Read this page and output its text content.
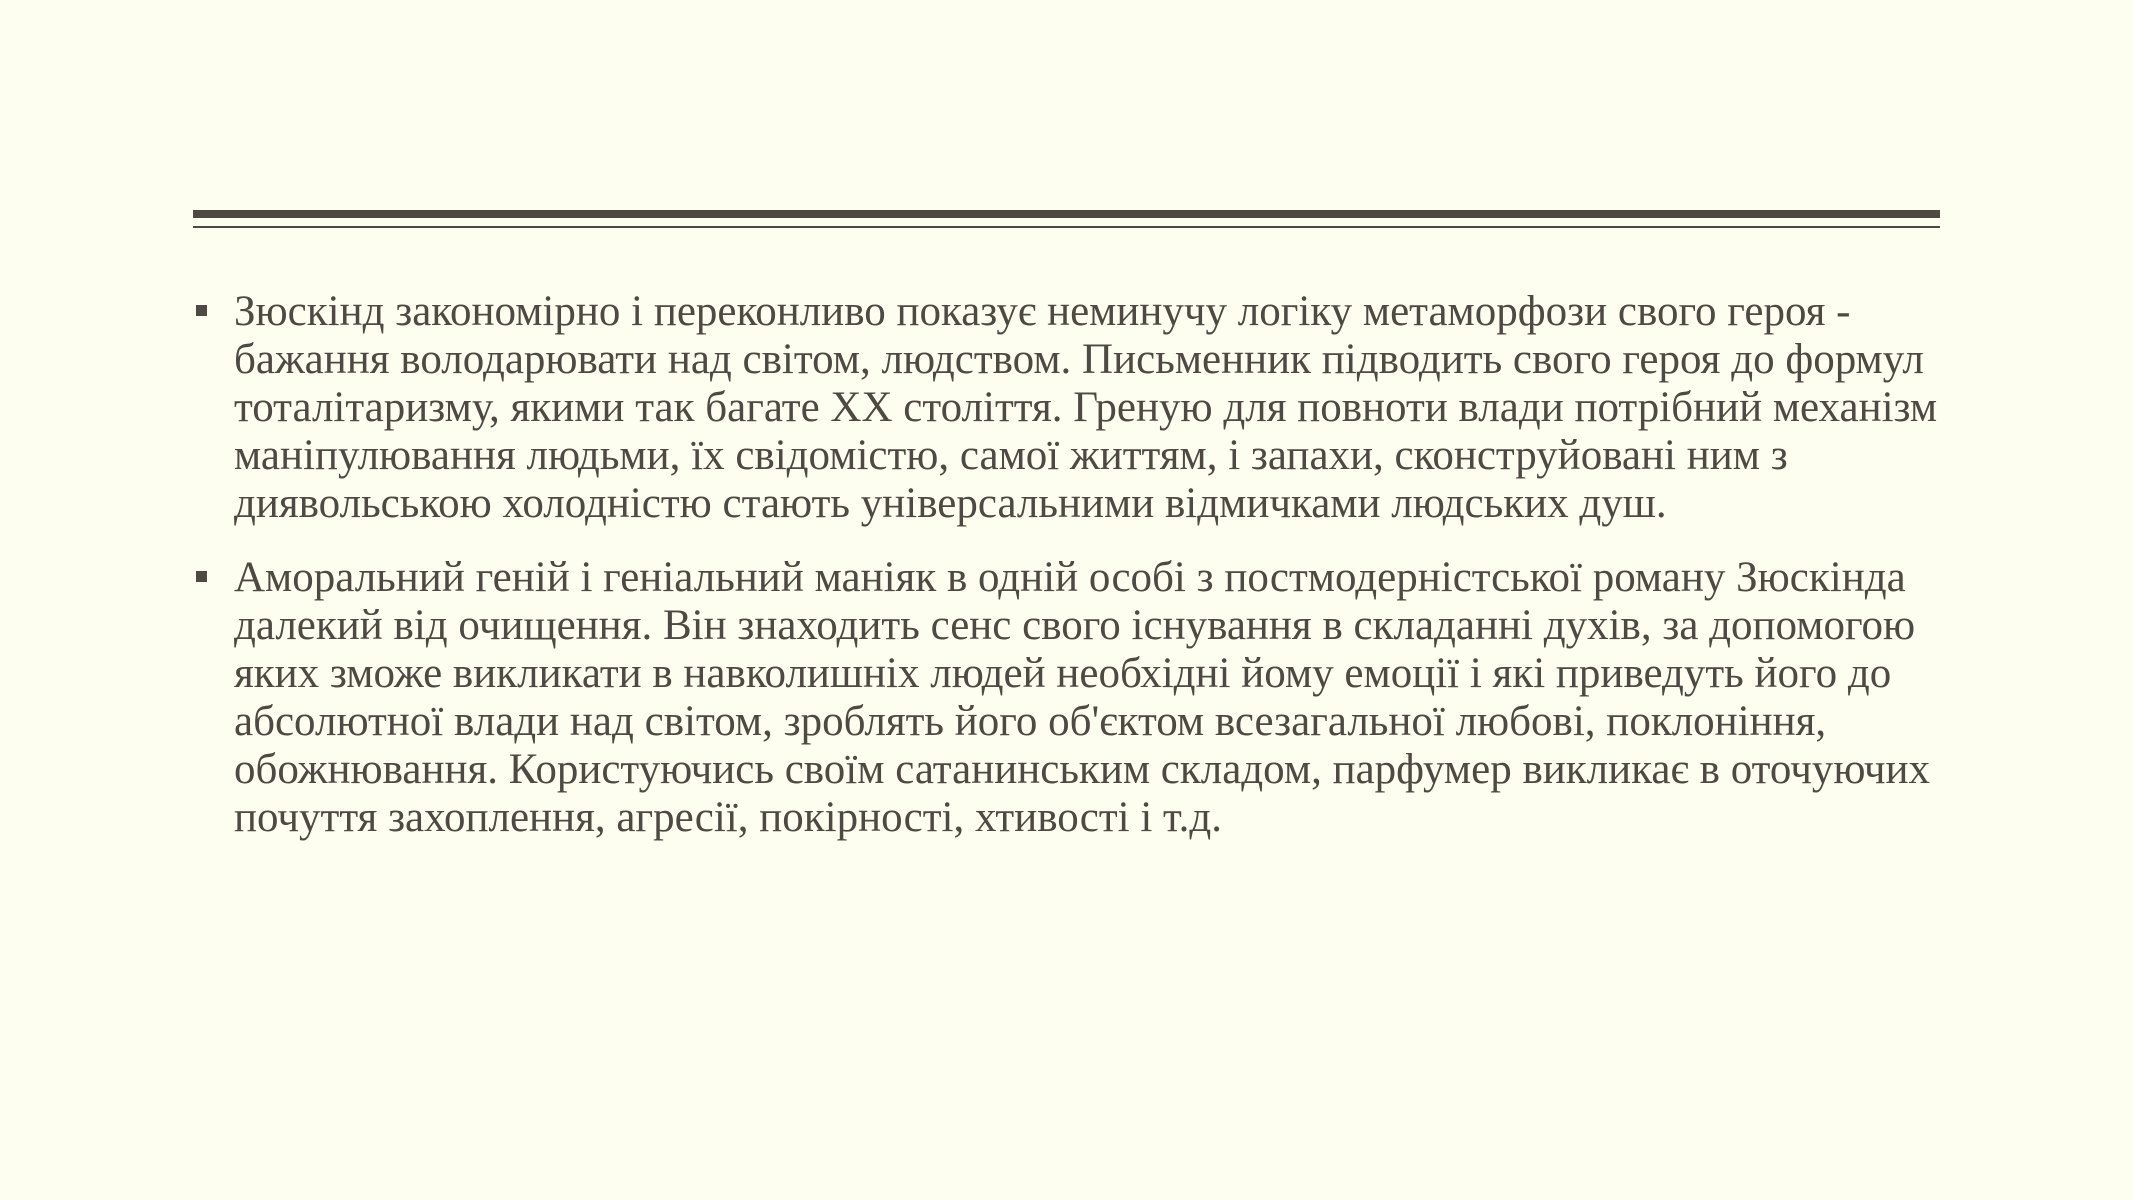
Зюскінд закономірно і переконливо показує неминучу логіку метаморфози свого героя - бажання володарювати над світом, людством. Письменник підводить свого героя до формул тоталітаризму, якими так багате XX століття. Греную для повноти влади потрібний механізм маніпулювання людьми, їх свідомістю, самої життям, і запахи, сконструйовані ним з диявольською холодністю стають універсальними відмичками людських душ.
Аморальний геній і геніальний маніяк в одній особі з постмодерністської роману Зюскінда далекий від очищення. Він знаходить сенс свого існування в складанні духів, за допомогою яких зможе викликати в навколишніх людей необхідні йому емоції і які приведуть його до абсолютної влади над світом, зроблять його об'єктом всезагальної любові, поклоніння, обожнювання. Користуючись своїм сатанинським складом, парфумер викликає в оточуючих почуття захоплення, агресії, покірності, хтивості і т.д.
